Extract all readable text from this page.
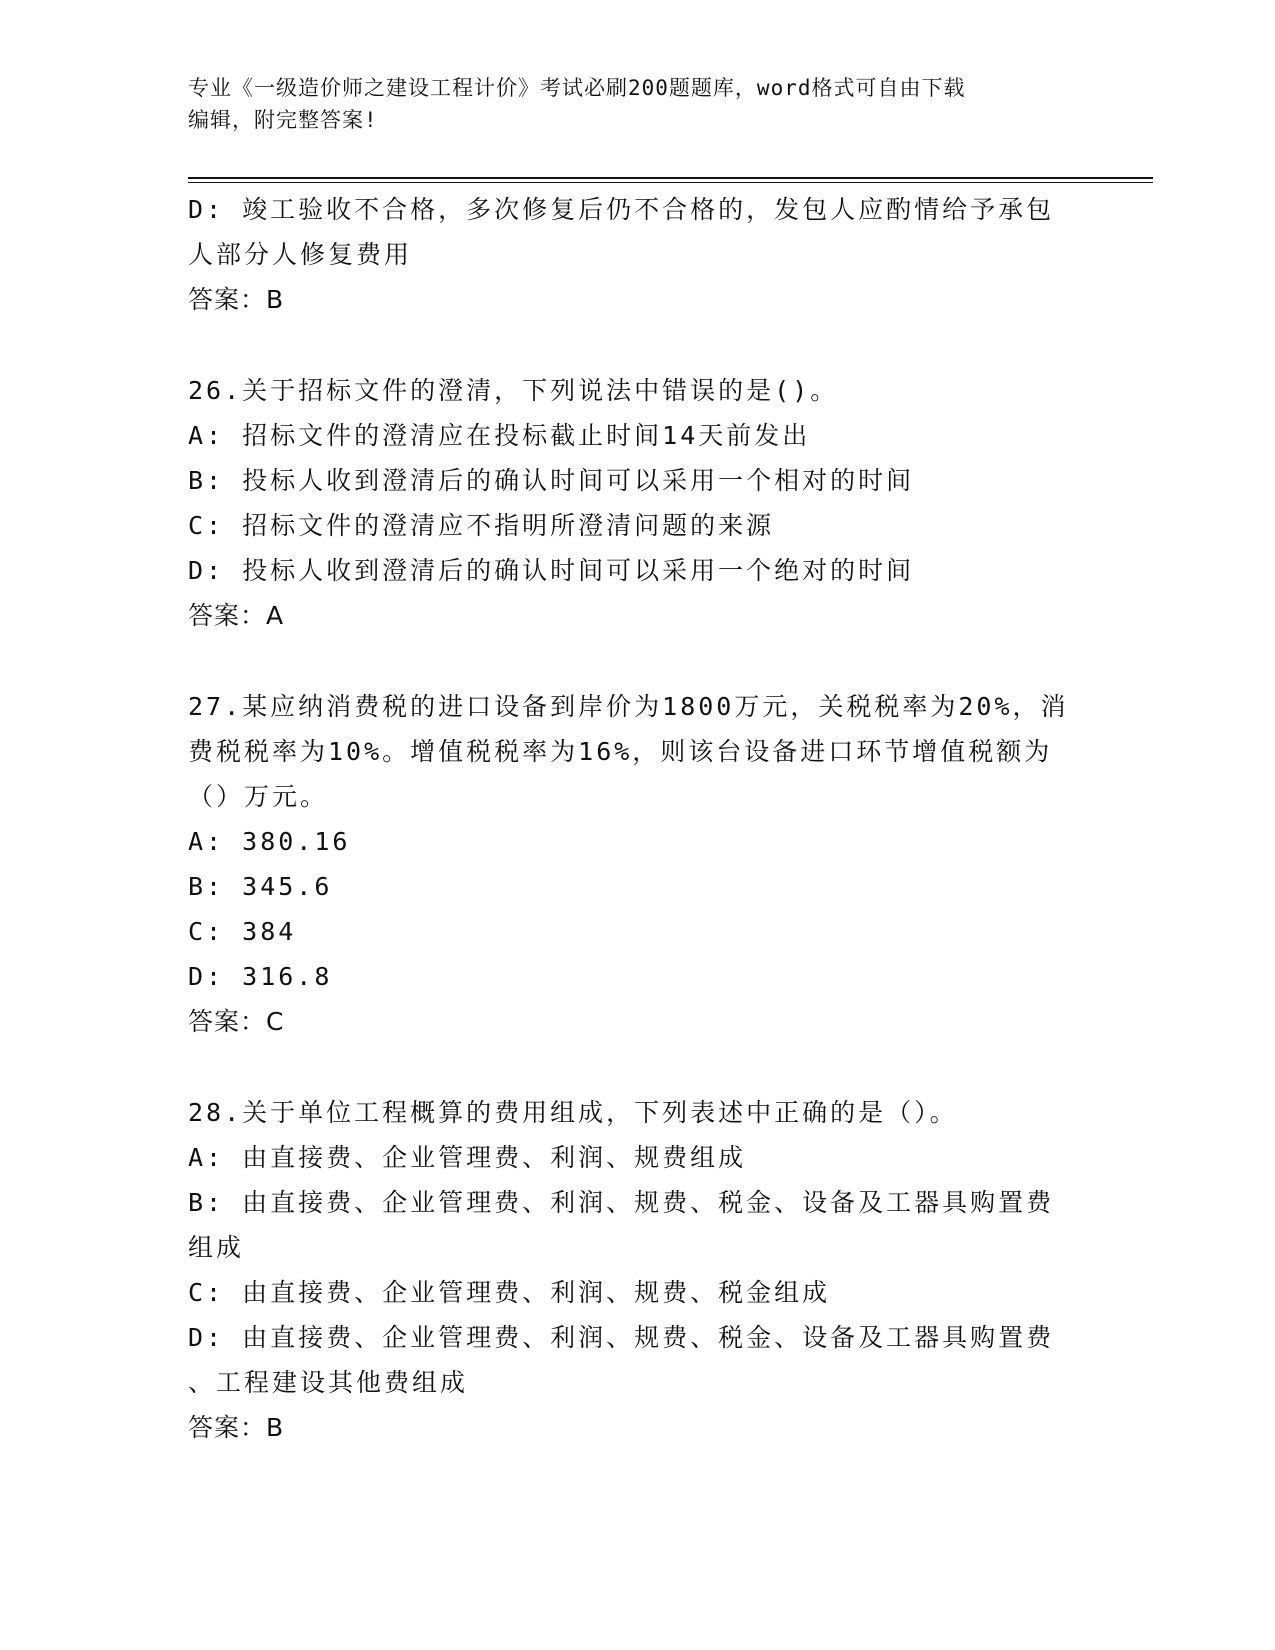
专业《一级造价师之建设工程计价》考试必刷200题题库，word格式可自由下载
编辑，附完整答案!

D: 竣工验收不合格，多次修复后仍不合格的，发包人应酌情给予承包

人部分人修复费用

答案：B

26.关于招标文件的澄清，下列说法中错误的是()。

A: 招标文件的澄清应在投标截止时间14天前发出

B: 投标人收到澄清后的确认时间可以采用一个相对的时间

C: 招标文件的澄清应不指明所澄清问题的来源

D: 投标人收到澄清后的确认时间可以采用一个绝对的时间

答案：A

27.某应纳消费税的进口设备到岸价为1800万元，关税税率为20%，消

费税税率为10%。增值税税率为16%，则该台设备进口环节增值税额为

（）万元。

A: 380.16

B: 345.6

C: 384

D: 316.8

答案：C

28.关于单位工程概算的费用组成，下列表述中正确的是（）。

A: 由直接费、企业管理费、利润、规费组成

B: 由直接费、企业管理费、利润、规费、税金、设备及工器具购置费

组成

C: 由直接费、企业管理费、利润、规费、税金组成

D: 由直接费、企业管理费、利润、规费、税金、设备及工器具购置费

、工程建设其他费组成

答案：B
